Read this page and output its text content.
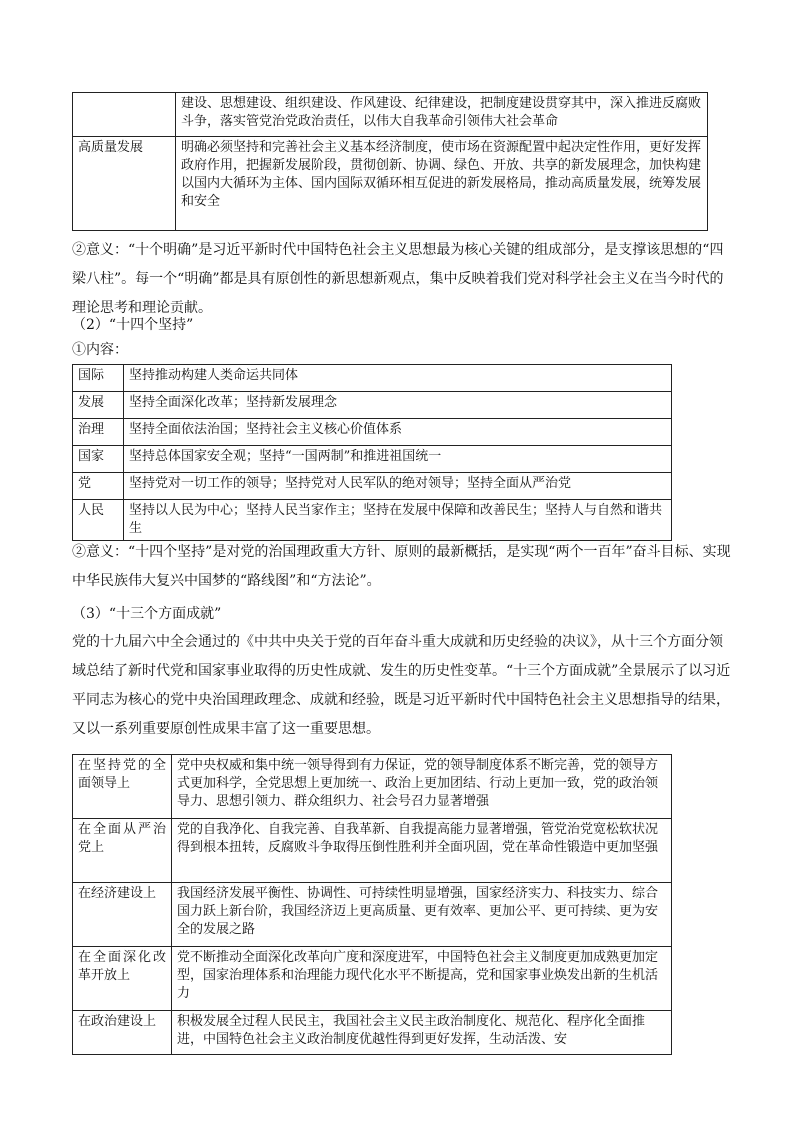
	建设、思想建设、组织建设、作风建设、纪律建设，把制度建设贯穿其中，深入推进反腐败斗争，落实管党治党政治责任，以伟大自我革命引领伟大社会革命
高质量发展	明确必须坚持和完善社会主义基本经济制度，使市场在资源配置中起决定性作用，更好发挥政府作用，把握新发展阶段，贯彻创新、协调、绿色、开放、共享的新发展理念，加快构建以国内大循环为主体、国内国际双循环相互促进的新发展格局，推动高质量发展，统筹发展和安全

②意义：“十个明确”是习近平新时代中国特色社会主义思想最为核心关键的组成部分，是支撑该思想的“四梁八柱”。每一个“明确”都是具有原创性的新思想新观点，集中反映着我们党对科学社会主义在当今时代的理论思考和理论贡献。

（2）“十四个坚持”

①内容：

国际	坚持推动构建人类命运共同体
发展	坚持全面深化改革；坚持新发展理念
治理	坚持全面依法治国；坚持社会主义核心价值体系
国家	坚持总体国家安全观；坚持“一国两制”和推进祖国统一
党	坚持党对一切工作的领导；坚持党对人民军队的绝对领导；坚持全面从严治党
人民	坚持以人民为中心；坚持人民当家作主；坚持在发展中保障和改善民生；坚持人与自然和谐共生

②意义：“十四个坚持”是对党的治国理政重大方针、原则的最新概括，是实现“两个一百年”奋斗目标、实现中华民族伟大复兴中国梦的“路线图”和“方法论”。

（3）“十三个方面成就”

党的十九届六中全会通过的《中共中央关于党的百年奋斗重大成就和历史经验的决议》，从十三个方面分领域总结了新时代党和国家事业取得的历史性成就、发生的历史性变革。“十三个方面成就”全景展示了以习近平同志为核心的党中央治国理政理念、成就和经验，既是习近平新时代中国特色社会主义思想指导的结果，又以一系列重要原创性成果丰富了这一重要思想。

在坚持党的全面领导上	党中央权威和集中统一领导得到有力保证，党的领导制度体系不断完善，党的领导方式更加科学，全党思想上更加统一、政治上更加团结、行动上更加一致，党的政治领导力、思想引领力、群众组织力、社会号召力显著增强
在全面从严治党上	党的自我净化、自我完善、自我革新、自我提高能力显著增强，管党治党宽松软状况得到根本扭转，反腐败斗争取得压倒性胜利并全面巩固，党在革命性锻造中更加坚强
在经济建设上	我国经济发展平衡性、协调性、可持续性明显增强，国家经济实力、科技实力、综合国力跃上新台阶，我国经济迈上更高质量、更有效率、更加公平、更可持续、更为安全的发展之路
在全面深化改革开放上	党不断推动全面深化改革向广度和深度进军，中国特色社会主义制度更加成熟更加定型，国家治理体系和治理能力现代化水平不断提高，党和国家事业焕发出新的生机活力
在政治建设上	积极发展全过程人民民主，我国社会主义民主政治制度化、规范化、程序化全面推进，中国特色社会主义政治制度优越性得到更好发挥，生动活泼、安
